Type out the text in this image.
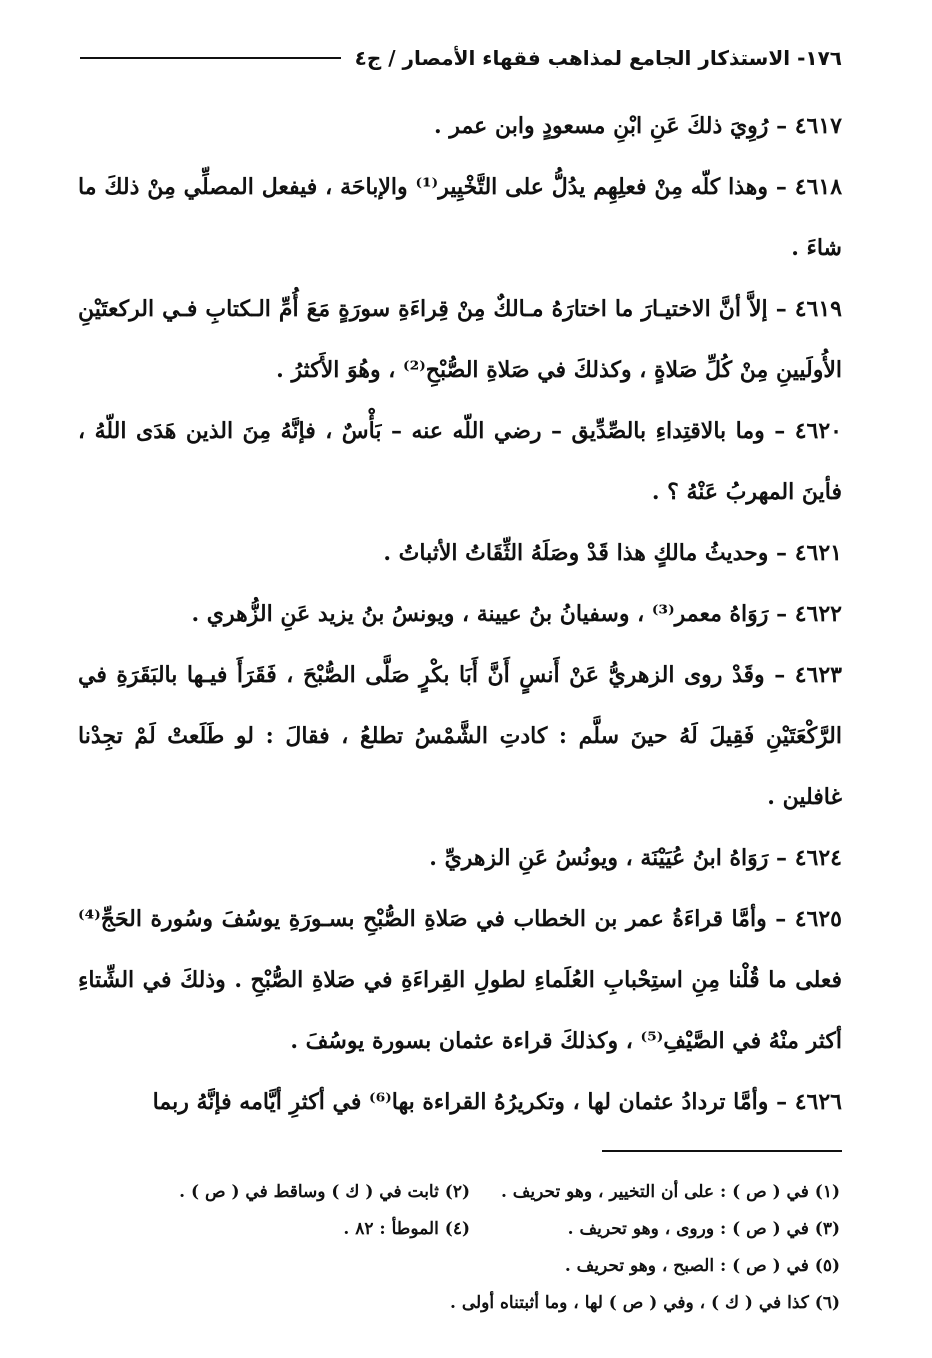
١٧٦- الاستذكار الجامع لمذاهب فقهاء الأمصار / ج٤

٤٦١٧ – رُوِيَ ذلكَ عَنِ ابْنِ مسعودٍ وابن عمر .

٤٦١٨ – وهذا كلّه مِنْ فعلِهِم يدُلُّ على التَّخْيِير⁽¹⁾ والإباحَة ، فيفعل المصلِّي مِنْ ذلكَ ما شاءَ .

٤٦١٩ – إلاَّ أنَّ الاختيـارَ ما اختارَهُ مـالكٌ مِنْ قِراءَةِ سورَةٍ مَعَ أُمِّ الـكتابِ فـي الركعتَيْنِ الأُولَيينِ مِنْ كُلِّ صَلاةٍ ، وكذلكَ في صَلاةِ الصُّبْحِ⁽²⁾ ، وهُوَ الأَكثرُ .

٤٦٢٠ – وما بالاقتِداءِ بالصِّدِّيق – رضي اللّه عنه – بَأْسٌ ، فإنَّهُ مِنَ الذين هَدَى اللّهُ ، فأينَ المهربُ عَنْهُ ؟ .

٤٦٢١ – وحديثُ مالكٍ هذا قَدْ وصَلَهُ الثِّقَاتُ الأثباتُ .

٤٦٢٢ – رَوَاهُ معمر⁽³⁾ ، وسفيانُ بنُ عيينة ، ويونسُ بنُ يزيد عَنِ الزُّهري .

٤٦٢٣ – وقَدْ روى الزهريُّ عَنْ أَنسٍ أَنَّ أَبَا بكْرٍ صَلَّى الصُّبْحَ ، فَقَرَأَ فيـها بالبَقَرَةِ في الرَّكْعَتَيْنِ فَقِيلَ لَهُ حينَ سلَّم : كادتِ الشَّمْسُ تطلعُ ، فقالَ : لو طَلَعتْ لَمْ تجِدْنا غافلين .

٤٦٢٤ – رَوَاهُ ابنُ عُيَيْنَة ، ويونُسُ عَنِ الزهريِّ .

٤٦٢٥ – وأمَّا قراءَةُ عمر بن الخطاب في صَلاةِ الصُّبْحِ بسـورَةِ يوسُفَ وسُورة الحَجِّ⁽⁴⁾ فعلى ما قُلْنا مِنِ استِحْبابِ العُلَماءِ لطولِ القِراءَةِ في صَلاةِ الصُّبْحِ . وذلكَ في الشِّتاءِ أكثر منْهُ في الصَّيْفِ⁽⁵⁾ ، وكذلكَ قراءة عثمان بسورة يوسُفَ .

٤٦٢٦ – وأمَّا تردادُ عثمان لها ، وتكريرُهُ القراءة بها⁽⁶⁾ في أكثرِ أيَّامه فإنَّهُ ربما

(١) في ( ص ) : على أن التخيير ، وهو تحريف .
(٢) ثابت في ( ك ) وساقط في ( ص ) .
(٣) في ( ص ) : وروى ، وهو تحريف .
(٤) الموطأ : ٨٢ .
(٥) في ( ص ) : الصبح ، وهو تحريف .
(٦) كذا في ( ك ) ، وفي ( ص ) لها ، وما أثبتناه أولى .
